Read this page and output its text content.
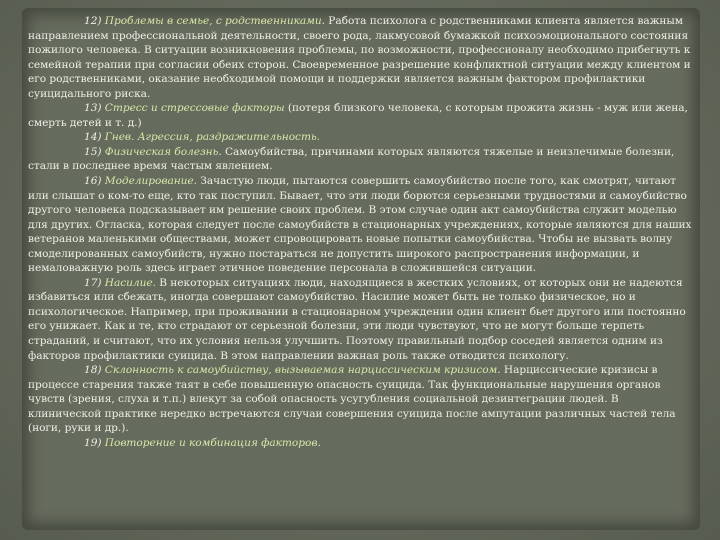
12) Проблемы в семье, с родственниками. Работа психолога с родственниками клиента является важным направлением профессиональной деятельности, своего рода, лакмусовой бумажкой психоэмоционального состояния пожилого человека. В ситуации возникновения проблемы, по возможности, профессионалу необходимо прибегнуть к семейной терапии при согласии обеих сторон. Своевременное разрешение конфликтной ситуации между клиентом и его родственниками, оказание необходимой помощи и поддержки является важным фактором профилактики суицидального риска.

13) Стресс и стрессовые факторы (потеря близкого человека, с которым прожита жизнь - муж или жена, смерть детей и т. д.)

14) Гнев. Агрессия, раздражительность.

15) Физическая болезнь. Самоубийства, причинами которых являются тяжелые и неизлечимые болезни, стали в последнее время частым явлением.

16) Моделирование. Зачастую люди, пытаются совершить самоубийство после того, как смотрят, читают или слышат о ком-то еще, кто так поступил. Бывает, что эти люди борются серьезными трудностями и самоубийство другого человека подсказывает им решение своих проблем. В этом случае один акт самоубийства служит моделью для других. Огласка, которая следует после самоубийств в стационарных учреждениях, которые являются для наших ветеранов маленькими обществами, может спровоцировать новые попытки самоубийства. Чтобы не вызвать волну смоделированных самоубийств, нужно постараться не допустить широкого распространения информации, и немаловажную роль здесь играет этичное поведение персонала в сложившейся ситуации.

17) Насилие. В некоторых ситуациях люди, находящиеся в жестких условиях, от которых они не надеются избавиться или сбежать, иногда совершают самоубийство. Насилие может быть не только физическое, но и психологическое. Например, при проживании в стационарном учреждении один клиент бьет другого или постоянно его унижает. Как и те, кто страдают от серьезной болезни, эти люди чувствуют, что не могут больше терпеть страданий, и считают, что их условия нельзя улучшить. Поэтому правильный подбор соседей является одним из факторов профилактики суицида. В этом направлении важная роль также отводится психологу.

18) Склонность к самоубийству, вызываемая нарциссическим кризисом. Нарциссические кризисы в процессе старения также таят в себе повышенную опасность суицида. Так функциональные нарушения органов чувств (зрения, слуха и т.п.) влекут за собой опасность усугубления социальной дезинтеграции людей. В клинической практике нередко встречаются случаи совершения суицида после ампутации различных частей тела (ноги, руки и др.).

19) Повторение и комбинация факторов.
